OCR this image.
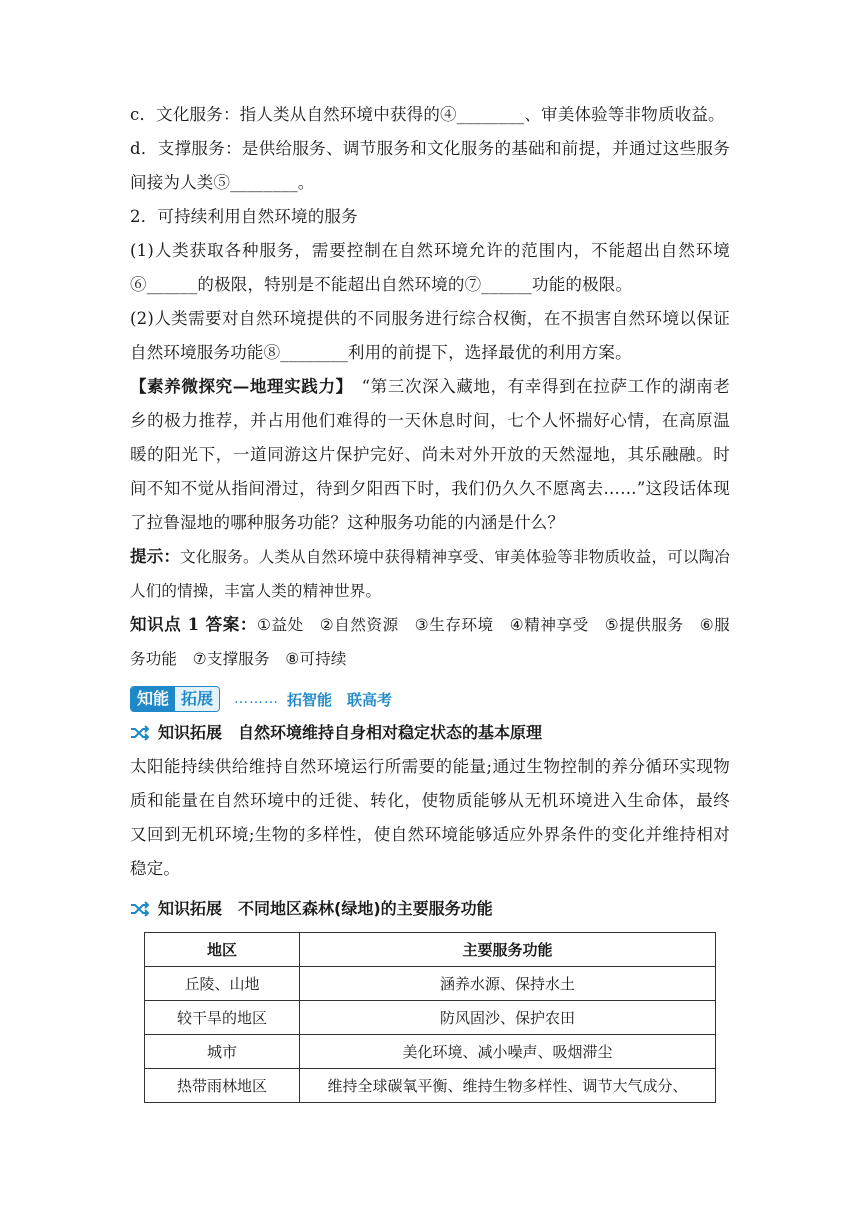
c．文化服务：指人类从自然环境中获得的④________、审美体验等非物质收益。

d．支撑服务：是供给服务、调节服务和文化服务的基础和前提，并通过这些服务间接为人类⑤________。

2．可持续利用自然环境的服务

(1)人类获取各种服务，需要控制在自然环境允许的范围内，不能超出自然环境⑥______的极限，特别是不能超出自然环境的⑦______功能的极限。

(2)人类需要对自然环境提供的不同服务进行综合权衡，在不损害自然环境以保证自然环境服务功能⑧________利用的前提下，选择最优的利用方案。

【素养微探究—地理实践力】　 “第三次深入藏地，有幸得到在拉萨工作的湖南老乡的极力推荐，并占用他们难得的一天休息时间，七个人怀揣好心情，在高原温暖的阳光下，一道同游这片保护完好、尚未对外开放的天然湿地，其乐融融。时间不知不觉从指间滑过，待到夕阳西下时，我们仍久久不愿离去……”这段话体现了拉鲁湿地的哪种服务功能？这种服务功能的内涵是什么？

提示：文化服务。人类从自然环境中获得精神享受、审美体验等非物质收益，可以陶冶人们的情操，丰富人类的精神世界。

知识点 1 答案：①益处　②自然资源　③生存环境　④精神享受　⑤提供服务　⑥服务功能　⑦支撑服务　⑧可持续

知能 拓展	……… 拓智能　联高考
知识拓展　自然环境维持自身相对稳定状态的基本原理

太阳能持续供给维持自然环境运行所需要的能量;通过生物控制的养分循环实现物质和能量在自然环境中的迁徙、转化，使物质能够从无机环境进入生命体，最终又回到无机环境;生物的多样性，使自然环境能够适应外界条件的变化并维持相对稳定。

知识拓展　不同地区森林(绿地)的主要服务功能
地区	主要服务功能
丘陵、山地	涵养水源、保持水土
较干旱的地区	防风固沙、保护农田
城市	美化环境、减小噪声、吸烟滞尘
热带雨林地区	维持全球碳氧平衡、维持生物多样性、调节大气成分、
